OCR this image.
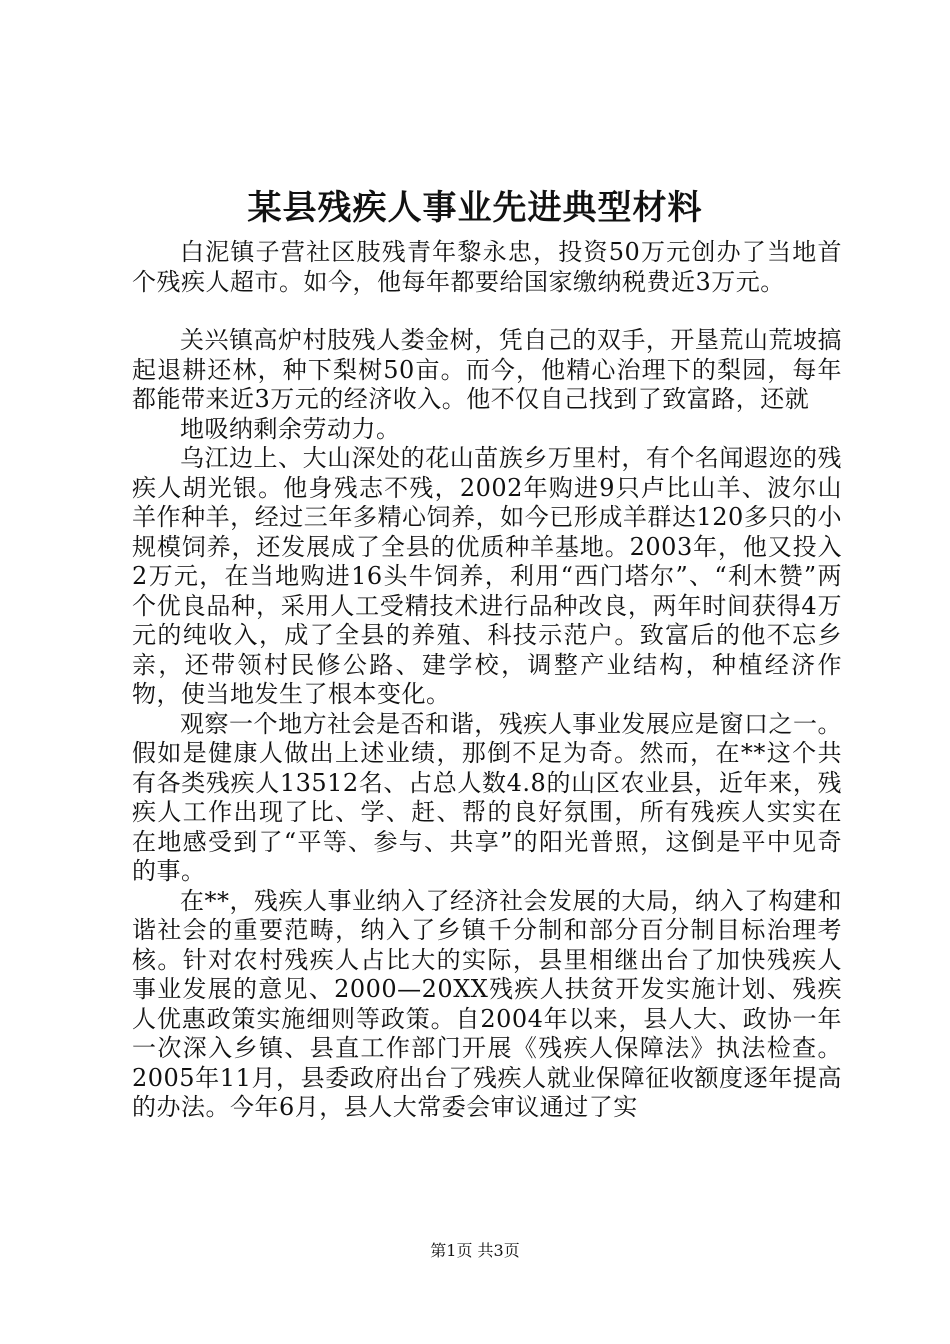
某县残疾人事业先进典型材料

白泥镇子营社区肢残青年黎永忠，投资50万元创办了当地首个残疾人超市。如今，他每年都要给国家缴纳税费近3万元。

关兴镇高炉村肢残人娄金树，凭自己的双手，开垦荒山荒坡搞起退耕还林，种下梨树50亩。而今，他精心治理下的梨园，每年都能带来近3万元的经济收入。他不仅自己找到了致富路，还就

地吸纳剩余劳动力。

乌江边上、大山深处的花山苗族乡万里村，有个名闻遐迩的残疾人胡光银。他身残志不残，2002年购进9只卢比山羊、波尔山羊作种羊，经过三年多精心饲养，如今已形成羊群达120多只的小规模饲养，还发展成了全县的优质种羊基地。2003年，他又投入2万元，在当地购进16头牛饲养，利用“西门塔尔”、“利木赞”两个优良品种，采用人工受精技术进行品种改良，两年时间获得4万元的纯收入，成了全县的养殖、科技示范户。致富后的他不忘乡亲，还带领村民修公路、建学校，调整产业结构，种植经济作物，使当地发生了根本变化。

观察一个地方社会是否和谐，残疾人事业发展应是窗口之一。假如是健康人做出上述业绩，那倒不足为奇。然而，在**这个共有各类残疾人13512名、占总人数4.8的山区农业县，近年来，残疾人工作出现了比、学、赶、帮的良好氛围，所有残疾人实实在在地感受到了“平等、参与、共享”的阳光普照，这倒是平中见奇的事。

在**，残疾人事业纳入了经济社会发展的大局，纳入了构建和谐社会的重要范畴，纳入了乡镇千分制和部分百分制目标治理考核。针对农村残疾人占比大的实际，县里相继出台了加快残疾人事业发展的意见、2000—20XX残疾人扶贫开发实施计划、残疾人优惠政策实施细则等政策。自2004年以来，县人大、政协一年一次深入乡镇、县直工作部门开展《残疾人保障法》执法检查。2005年11月，县委政府出台了残疾人就业保障征收额度逐年提高的办法。今年6月，县人大常委会审议通过了实

第1页 共3页
